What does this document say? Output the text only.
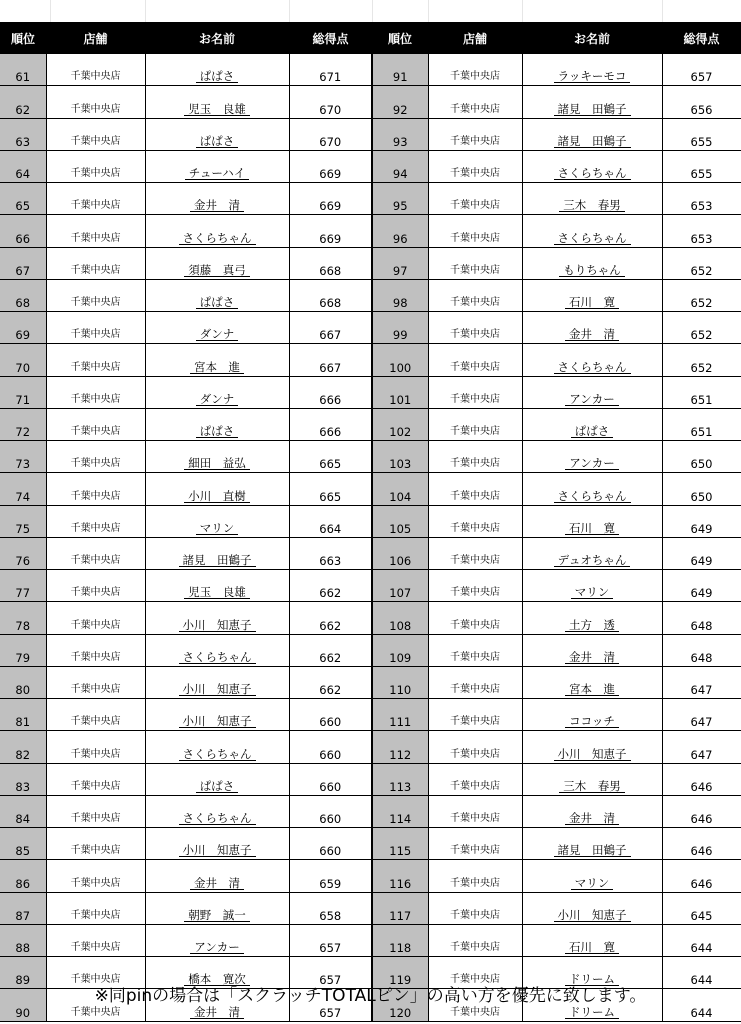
順位	店舗	お名前	総得点	順位	店舗	お名前	総得点
61	千葉中央店	ぱぱさ	671	91	千葉中央店	ラッキーモコ	657
62	千葉中央店	児玉　良雄	670	92	千葉中央店	諸見　田鶴子	656
63	千葉中央店	ぱぱさ	670	93	千葉中央店	諸見　田鶴子	655
64	千葉中央店	チューハイ	669	94	千葉中央店	さくらちゃん	655
65	千葉中央店	金井　清	669	95	千葉中央店	三木　春男	653
66	千葉中央店	さくらちゃん	669	96	千葉中央店	さくらちゃん	653
67	千葉中央店	須藤　真弓	668	97	千葉中央店	もりちゃん	652
68	千葉中央店	ぱぱさ	668	98	千葉中央店	石川　寛	652
69	千葉中央店	ダンナ	667	99	千葉中央店	金井　清	652
70	千葉中央店	宮本　進	667	100	千葉中央店	さくらちゃん	652
71	千葉中央店	ダンナ	666	101	千葉中央店	アンカー	651
72	千葉中央店	ぱぱさ	666	102	千葉中央店	ぱぱさ	651
73	千葉中央店	細田　益弘	665	103	千葉中央店	アンカー	650
74	千葉中央店	小川　直樹	665	104	千葉中央店	さくらちゃん	650
75	千葉中央店	マリン	664	105	千葉中央店	石川　寛	649
76	千葉中央店	諸見　田鶴子	663	106	千葉中央店	デュオちゃん	649
77	千葉中央店	児玉　良雄	662	107	千葉中央店	マリン	649
78	千葉中央店	小川　知恵子	662	108	千葉中央店	土方　透	648
79	千葉中央店	さくらちゃん	662	109	千葉中央店	金井　清	648
80	千葉中央店	小川　知恵子	662	110	千葉中央店	宮本　進	647
81	千葉中央店	小川　知恵子	660	111	千葉中央店	ココッチ	647
82	千葉中央店	さくらちゃん	660	112	千葉中央店	小川　知恵子	647
83	千葉中央店	ぱぱさ	660	113	千葉中央店	三木　春男	646
84	千葉中央店	さくらちゃん	660	114	千葉中央店	金井　清	646
85	千葉中央店	小川　知恵子	660	115	千葉中央店	諸見　田鶴子	646
86	千葉中央店	金井　清	659	116	千葉中央店	マリン	646
87	千葉中央店	朝野　誠一	658	117	千葉中央店	小川　知恵子	645
88	千葉中央店	アンカー	657	118	千葉中央店	石川　寛	644
89	千葉中央店	橋本　寛次	657	119	千葉中央店	ドリーム	644
90	千葉中央店	金井　清	657	120	千葉中央店	ドリーム	644
※同pinの場合は「スクラッチTOTALピン」の高い方を優先に致します。
